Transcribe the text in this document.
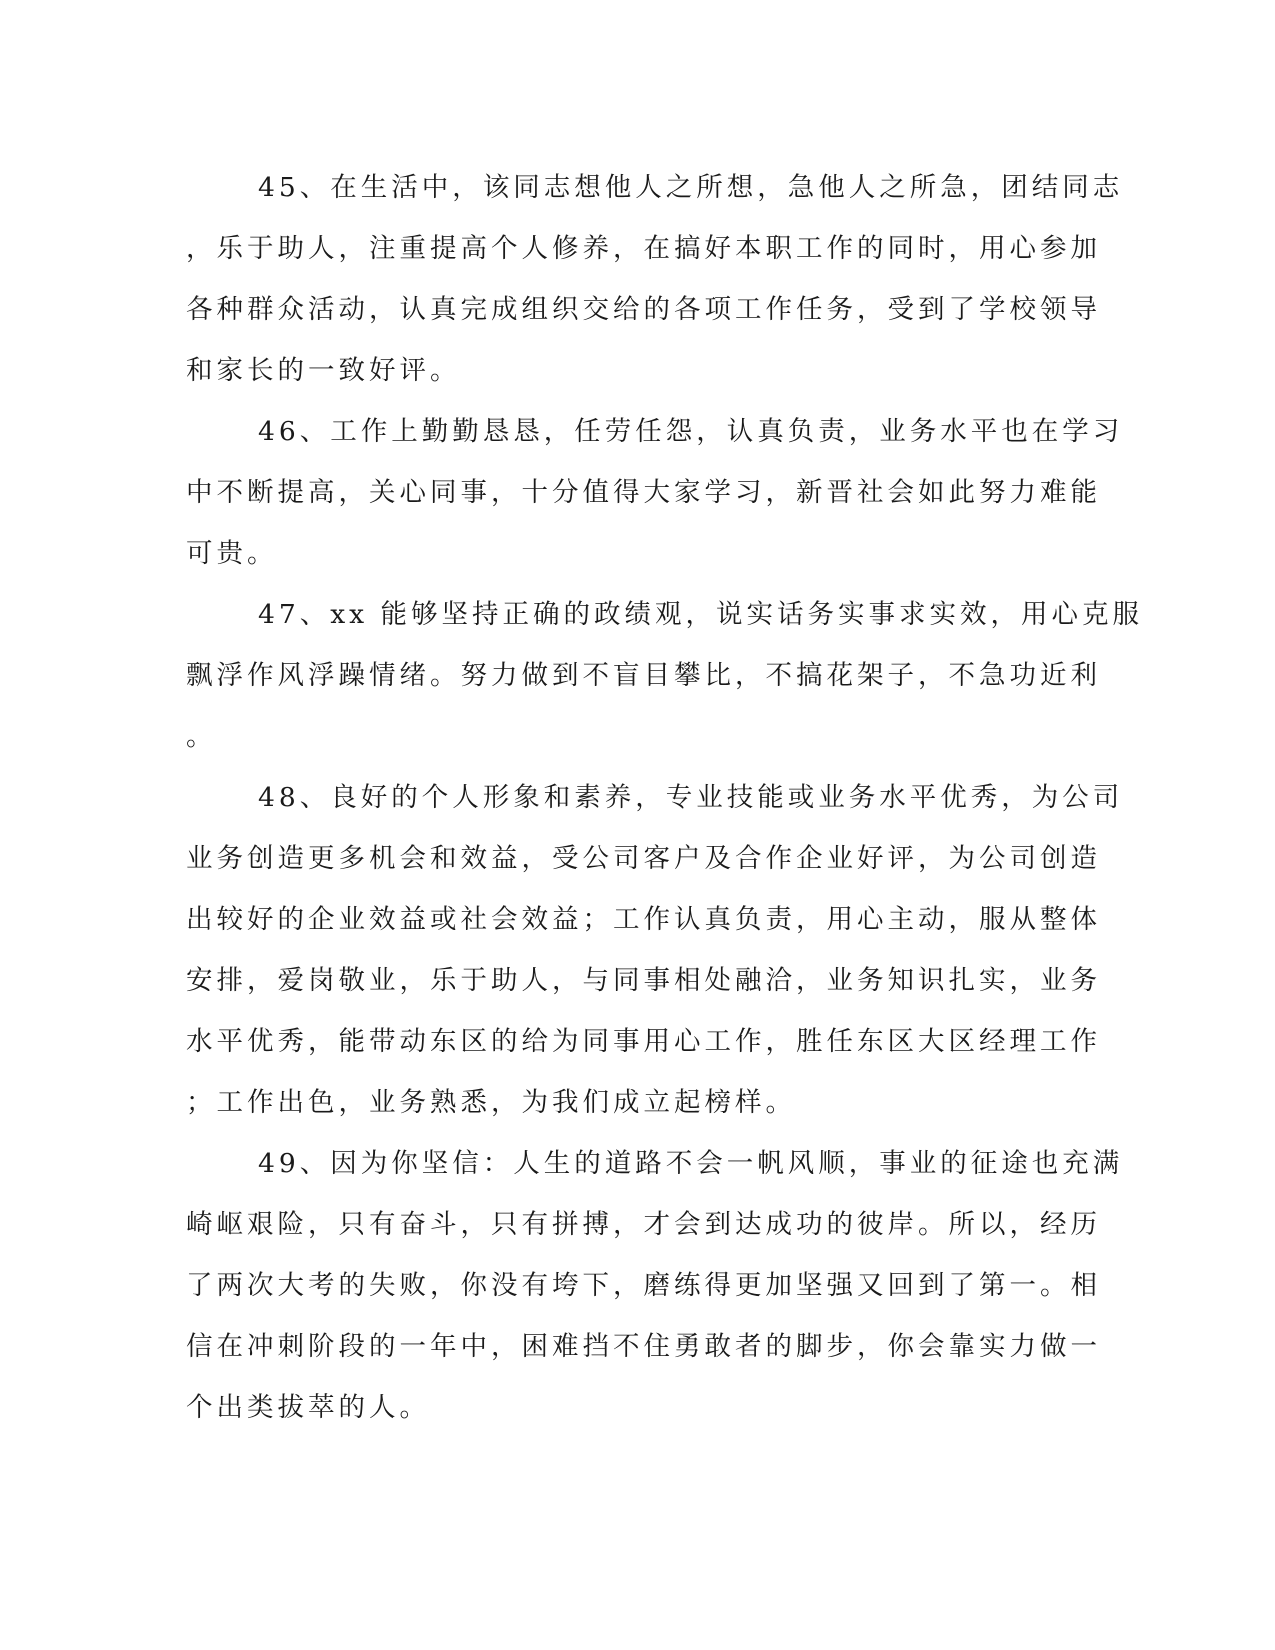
45、在生活中，该同志想他人之所想，急他人之所急，团结同志
，乐于助人，注重提高个人修养，在搞好本职工作的同时，用心参加
各种群众活动，认真完成组织交给的各项工作任务，受到了学校领导
和家长的一致好评。
46、工作上勤勤恳恳，任劳任怨，认真负责，业务水平也在学习
中不断提高，关心同事，十分值得大家学习，新晋社会如此努力难能
可贵。
47、xx 能够坚持正确的政绩观，说实话务实事求实效，用心克服
飘浮作风浮躁情绪。努力做到不盲目攀比，不搞花架子，不急功近利
。
48、良好的个人形象和素养，专业技能或业务水平优秀，为公司
业务创造更多机会和效益，受公司客户及合作企业好评，为公司创造
出较好的企业效益或社会效益；工作认真负责，用心主动，服从整体
安排，爱岗敬业，乐于助人，与同事相处融洽，业务知识扎实，业务
水平优秀，能带动东区的给为同事用心工作，胜任东区大区经理工作
；工作出色，业务熟悉，为我们成立起榜样。
49、因为你坚信：人生的道路不会一帆风顺，事业的征途也充满
崎岖艰险，只有奋斗，只有拼搏，才会到达成功的彼岸。所以，经历
了两次大考的失败，你没有垮下，磨练得更加坚强又回到了第一。相
信在冲刺阶段的一年中，困难挡不住勇敢者的脚步，你会靠实力做一
个出类拔萃的人。
